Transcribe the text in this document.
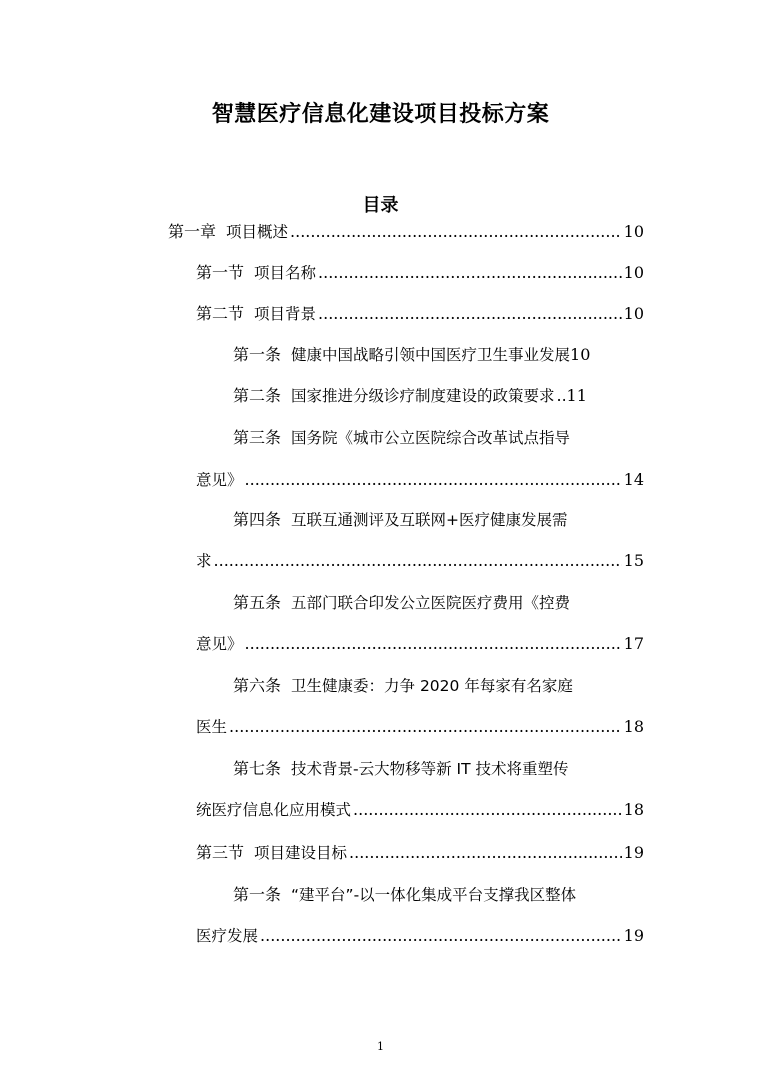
智慧医疗信息化建设项目投标方案
目录
第一章 项目概述 .....	10
第一节 项目名称 .....	10
第二节 项目背景 .....	10
第一条 健康中国战略引领中国医疗卫生事业发展 10
第二条 国家推进分级诊疗制度建设的政策要求 ..... 11
第三条 国务院《城市公立医院综合改革试点指导
意见》 .....	14
第四条 互联互通测评及互联网+医疗健康发展需
求 .....	15
第五条 五部门联合印发公立医院医疗费用《控费
意见》 .....	17
第六条 卫生健康委：力争 2020 年每家有名家庭
医生 .....	18
第七条 技术背景-云大物移等新 IT 技术将重塑传
统医疗信息化应用模式 .....	18
第三节 项目建设目标 .....	19
第一条 “建平台”-以一体化集成平台支撑我区整体
医疗发展 .....	19
1
